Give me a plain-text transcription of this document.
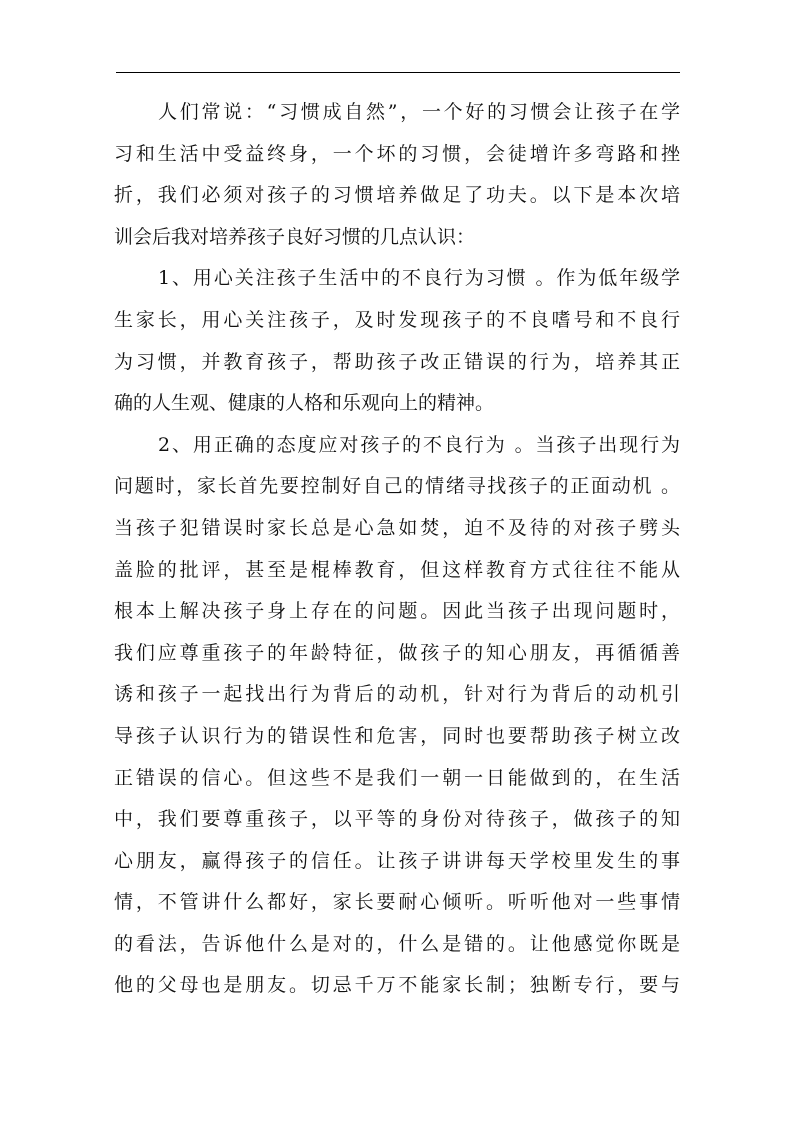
人们常说：“习惯成自然”，一个好的习惯会让孩子在学
习和生活中受益终身，一个坏的习惯，会徒增许多弯路和挫
折，我们必须对孩子的习惯培养做足了功夫。以下是本次培
训会后我对培养孩子良好习惯的几点认识：
1、用心关注孩子生活中的不良行为习惯 。作为低年级学
生家长，用心关注孩子，及时发现孩子的不良嗜号和不良行
为习惯，并教育孩子，帮助孩子改正错误的行为，培养其正
确的人生观、健康的人格和乐观向上的精神。
2、用正确的态度应对孩子的不良行为 。当孩子出现行为
问题时，家长首先要控制好自己的情绪寻找孩子的正面动机 。
当孩子犯错误时家长总是心急如焚，迫不及待的对孩子劈头
盖脸的批评，甚至是棍棒教育，但这样教育方式往往不能从
根本上解决孩子身上存在的问题。因此当孩子出现问题时，
我们应尊重孩子的年龄特征，做孩子的知心朋友，再循循善
诱和孩子一起找出行为背后的动机，针对行为背后的动机引
导孩子认识行为的错误性和危害，同时也要帮助孩子树立改
正错误的信心。但这些不是我们一朝一日能做到的，在生活
中，我们要尊重孩子，以平等的身份对待孩子，做孩子的知
心朋友，赢得孩子的信任。让孩子讲讲每天学校里发生的事
情，不管讲什么都好，家长要耐心倾听。听听他对一些事情
的看法，告诉他什么是对的，什么是错的。让他感觉你既是
他的父母也是朋友。切忌千万不能家长制；独断专行，要与
